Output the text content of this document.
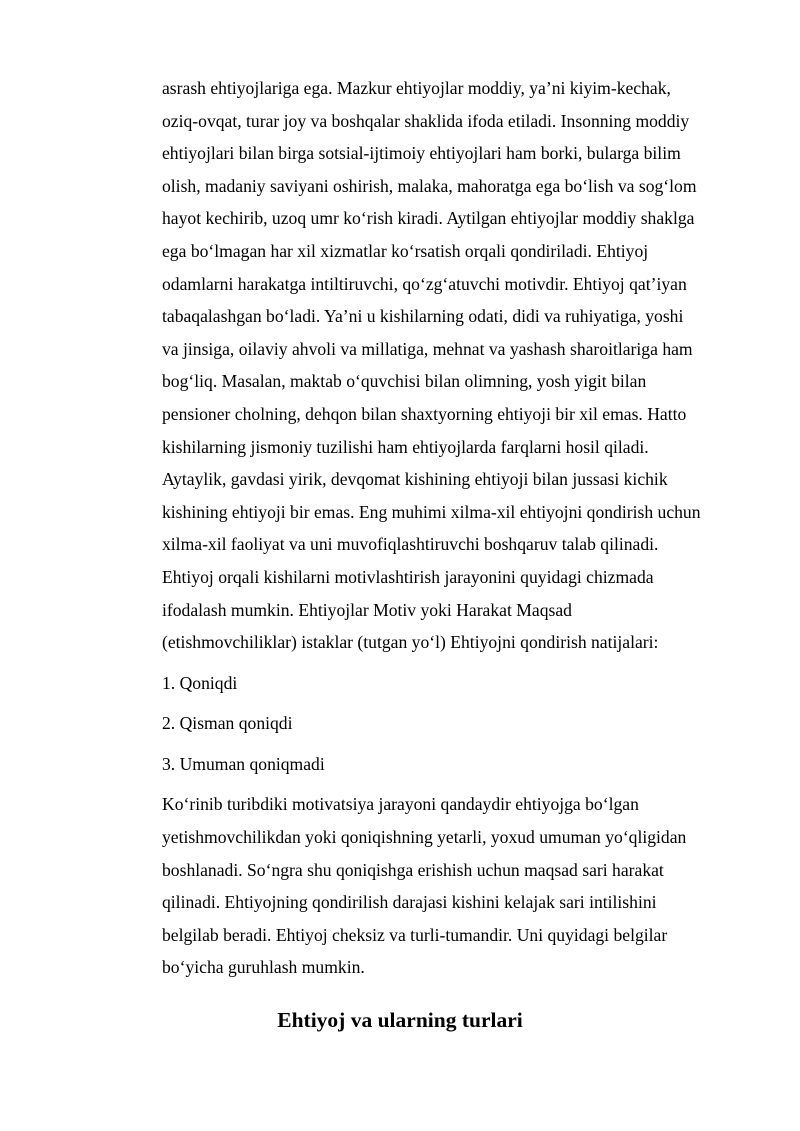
asrash ehtiyojlariga ega. Mazkur ehtiyojlar moddiy, ya’ni kiyim-kechak,
oziq-ovqat, turar joy va boshqalar shaklida ifoda etiladi. Insonning moddiy
ehtiyojlari bilan birga sotsial-ijtimoiy ehtiyojlari ham borki, bularga bilim
olish, madaniy saviyani oshirish, malaka, mahoratga ega bo‘lish va sog‘lom
hayot kechirib, uzoq umr ko‘rish kiradi. Aytilgan ehtiyojlar moddiy shaklga
ega bo‘lmagan har xil xizmatlar ko‘rsatish orqali qondiriladi. Ehtiyoj
odamlarni harakatga intiltiruvchi, qo‘zg‘atuvchi motivdir. Ehtiyoj qat’iyan
tabaqalashgan bo‘ladi. Ya’ni u kishilarning odati, didi va ruhiyatiga, yoshi
va jinsiga, oilaviy ahvoli va millatiga, mehnat va yashash sharoitlariga ham
bog‘liq. Masalan, maktab o‘quvchisi bilan olimning, yosh yigit bilan
pensioner cholning, dehqon bilan shaxtyorning ehtiyoji bir xil emas. Hatto
kishilarning jismoniy tuzilishi ham ehtiyojlarda farqlarni hosil qiladi.
Aytaylik, gavdasi yirik, devqomat kishining ehtiyoji bilan jussasi kichik
kishining ehtiyoji bir emas. Eng muhimi xilma-xil ehtiyojni qondirish uchun
xilma-xil faoliyat va uni muvofiqlashtiruvchi boshqaruv talab qilinadi.
Ehtiyoj orqali kishilarni motivlashtirish jarayonini quyidagi chizmada
ifodalash mumkin. Ehtiyojlar Motiv yoki Harakat Maqsad
(etishmovchiliklar) istaklar (tutgan yo‘l) Ehtiyojni qondirish natijalari:
1. Qoniqdi
2. Qisman qoniqdi
3. Umuman qoniqmadi
Ko‘rinib turibdiki motivatsiya jarayoni qandaydir ehtiyojga bo‘lgan
yetishmovchilikdan yoki qoniqishning yetarli, yoxud umuman yo‘qligidan
boshlanadi. So‘ngra shu qoniqishga erishish uchun maqsad sari harakat
qilinadi. Ehtiyojning qondirilish darajasi kishini kelajak sari intilishini
belgilab beradi. Ehtiyoj cheksiz va turli-tumandir. Uni quyidagi belgilar
bo‘yicha guruhlash mumkin.
Ehtiyoj va ularning turlari
